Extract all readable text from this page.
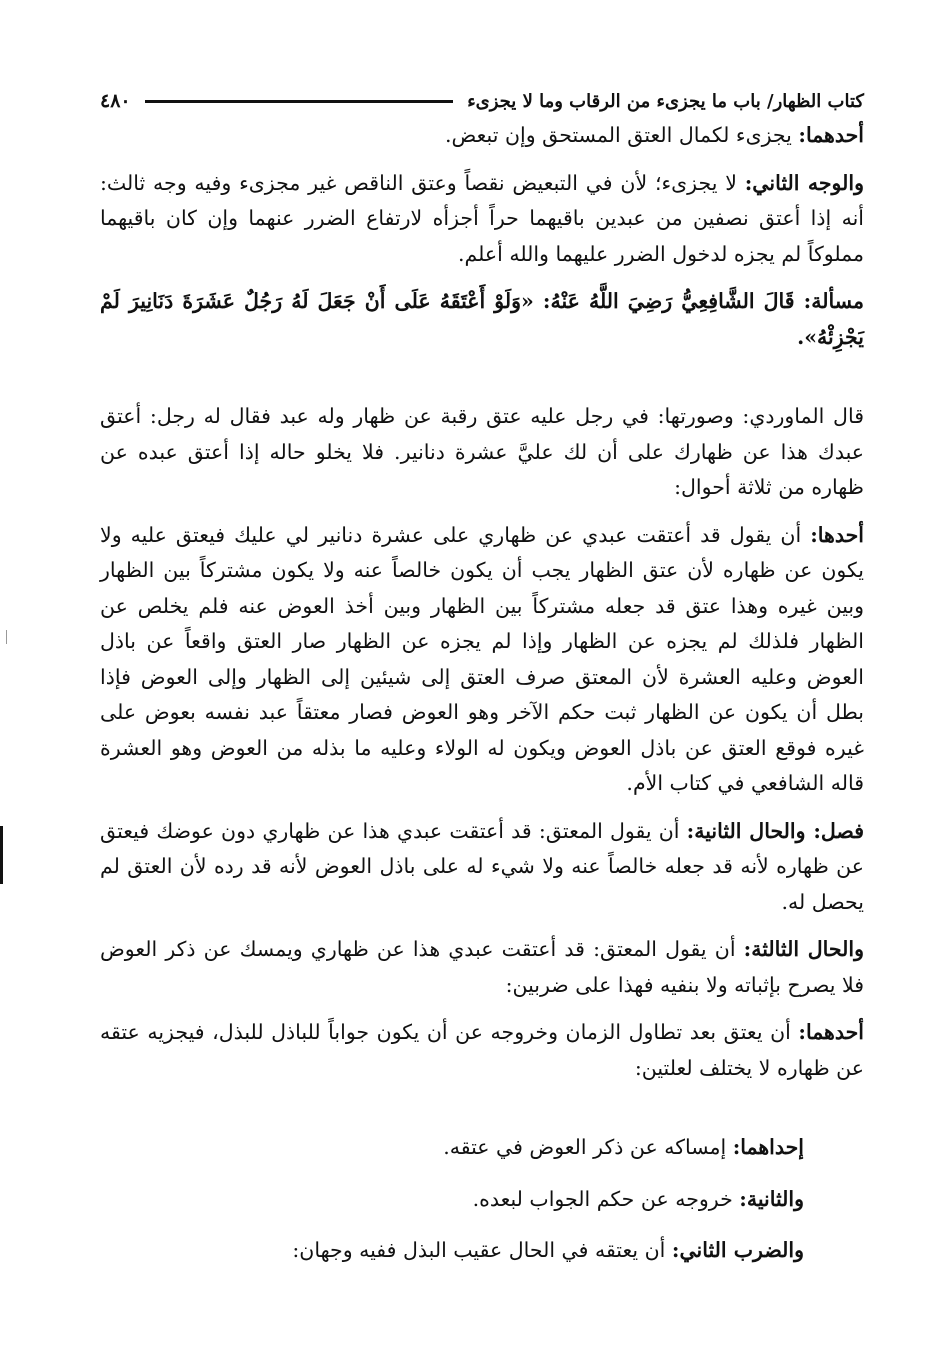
كتاب الظهار/ باب ما يجزىء من الرقاب وما لا يجزىء
٤٨٠

أحدهما: يجزىء لكمال العتق المستحق وإن تبعض.

والوجه الثاني: لا يجزىء؛ لأن في التبعيض نقصاً وعتق الناقص غير مجزىء وفيه وجه ثالث: أنه إذا أعتق نصفين من عبدين باقيهما حراً أجزأه لارتفاع الضرر عنهما وإن كان باقيهما مملوكاً لم يجزه لدخول الضرر عليهما والله أعلم.

مسألة: قَالَ الشَّافِعِيُّ رَضِيَ اللَّهُ عَنْهُ: «وَلَوْ أَعْتَقَهُ عَلَى أَنْ جَعَلَ لَهُ رَجُلٌ عَشَرَةَ دَنَانِيرَ لَمْ يَجْزِئْهُ».

قال الماوردي: وصورتها: في رجل عليه عتق رقبة عن ظهار وله عبد فقال له رجل: أعتق عبدك هذا عن ظهارك على أن لك عليَّ عشرة دنانير. فلا يخلو حاله إذا أعتق عبده عن ظهاره من ثلاثة أحوال:

أحدها: أن يقول قد أعتقت عبدي عن ظهاري على عشرة دنانير لي عليك فيعتق عليه ولا يكون عن ظهاره لأن عتق الظهار يجب أن يكون خالصاً عنه ولا يكون مشتركاً بين الظهار وبين غيره وهذا عتق قد جعله مشتركاً بين الظهار وبين أخذ العوض عنه فلم يخلص عن الظهار فلذلك لم يجزه عن الظهار وإذا لم يجزه عن الظهار صار العتق واقعاً عن باذل العوض وعليه العشرة لأن المعتق صرف العتق إلى شيئين إلى الظهار وإلى العوض فإذا بطل أن يكون عن الظهار ثبت حكم الآخر وهو العوض فصار معتقاً عبد نفسه بعوض على غيره فوقع العتق عن باذل العوض ويكون له الولاء وعليه ما بذله من العوض وهو العشرة قاله الشافعي في كتاب الأم.

فصل: والحال الثانية: أن يقول المعتق: قد أعتقت عبدي هذا عن ظهاري دون عوضك فيعتق عن ظهاره لأنه قد جعله خالصاً عنه ولا شيء له على باذل العوض لأنه قد رده لأن العتق لم يحصل له.

والحال الثالثة: أن يقول المعتق: قد أعتقت عبدي هذا عن ظهاري ويمسك عن ذكر العوض فلا يصرح بإثباته ولا بنفيه فهذا على ضربين:

أحدهما: أن يعتق بعد تطاول الزمان وخروجه عن أن يكون جواباً للباذل للبذل، فيجزيه عتقه عن ظهاره لا يختلف لعلتين:

إحداهما: إمساكه عن ذكر العوض في عتقه.

والثانية: خروجه عن حكم الجواب لبعده.

والضرب الثاني: أن يعتقه في الحال عقيب البذل ففيه وجهان:
